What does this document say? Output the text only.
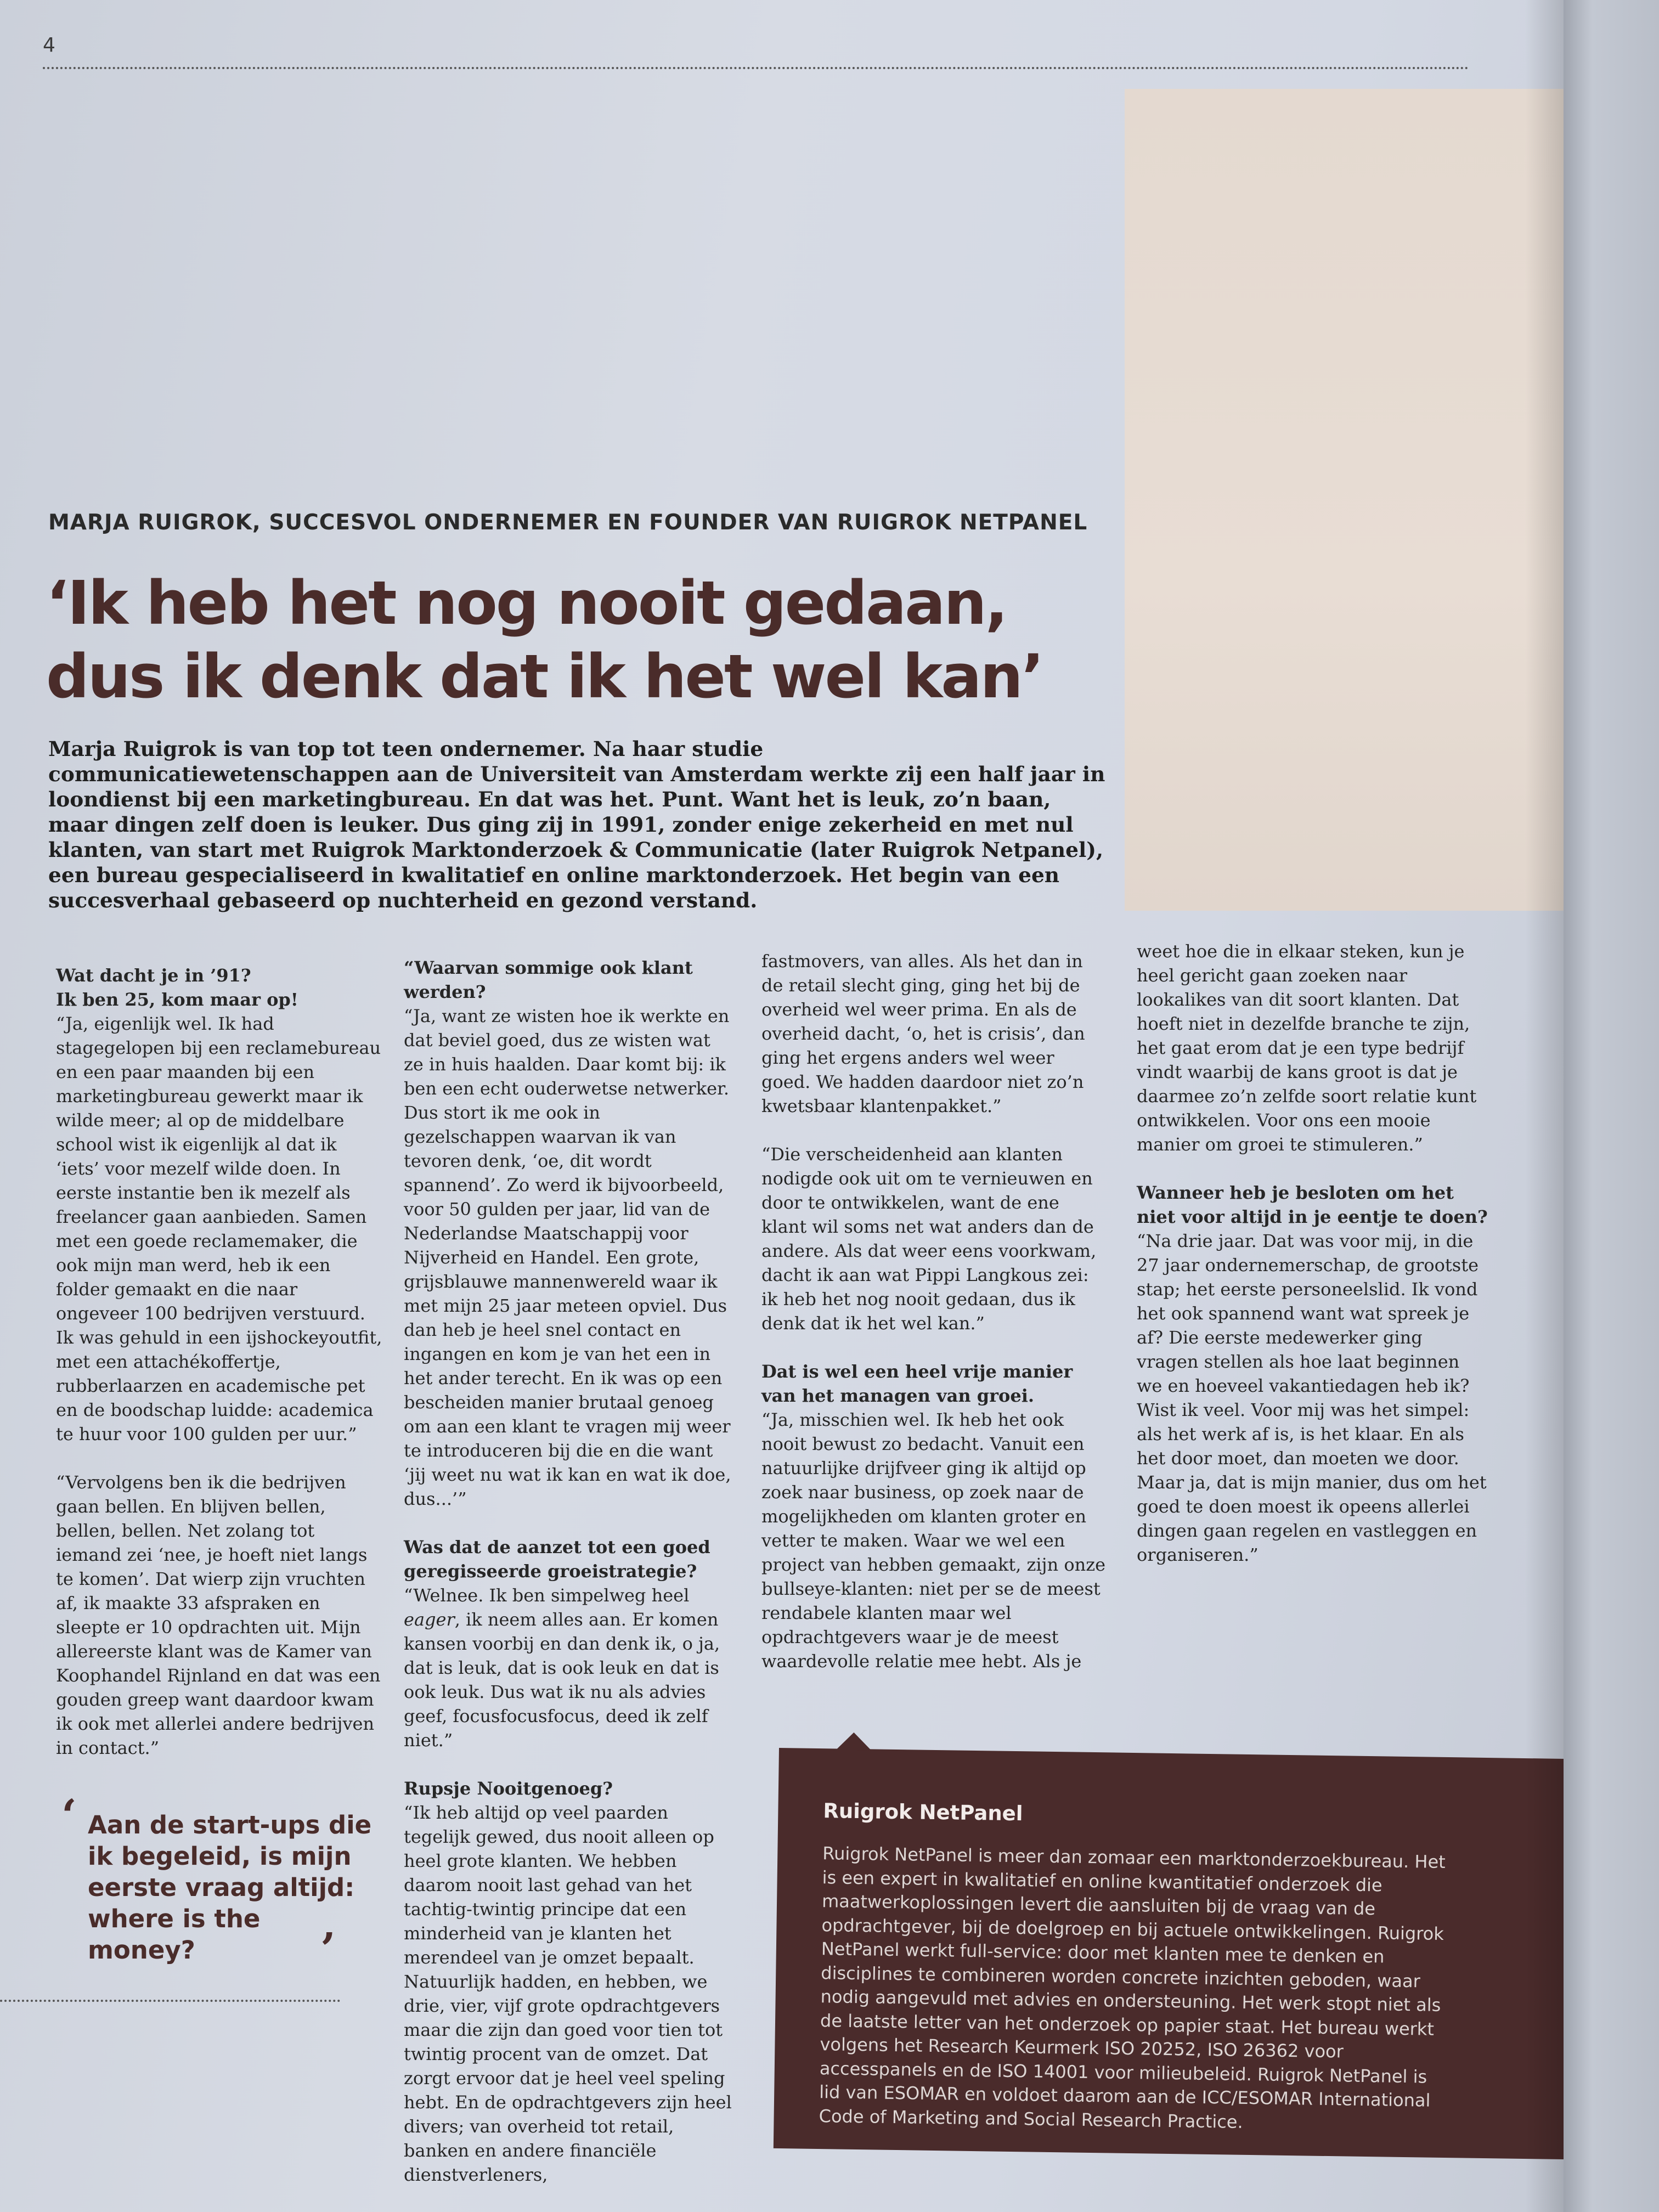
4
MARJA RUIGROK, SUCCESVOL ONDERNEMER EN FOUNDER VAN RUIGROK NETPANEL
‘Ik heb het nog nooit gedaan,
dus ik denk dat ik het wel kan’

Marja Ruigrok is van top tot teen ondernemer. Na haar studie communicatiewetenschappen aan de Universiteit van Amsterdam werkte zij een half jaar in loondienst bij een marketingbureau. En dat was het. Punt. Want het is leuk, zo’n baan, maar dingen zelf doen is leuker. Dus ging zij in 1991, zonder enige zekerheid en met nul klanten, van start met Ruigrok Marktonderzoek & Communicatie (later Ruigrok Netpanel), een bureau gespecialiseerd in kwalitatief en online marktonderzoek. Het begin van een succesverhaal gebaseerd op nuchterheid en gezond verstand.

Wat dacht je in ’91?
Ik ben 25, kom maar op!

“Ja, eigenlijk wel. Ik had stagegelopen bij een reclamebureau en een paar maanden bij een marketingbureau gewerkt maar ik wilde meer; al op de middelbare school wist ik eigenlijk al dat ik ‘iets’ voor mezelf wilde doen. In eerste instantie ben ik mezelf als freelancer gaan aanbieden. Samen met een goede reclamemaker, die ook mijn man werd, heb ik een folder gemaakt en die naar ongeveer 100 bedrijven verstuurd. Ik was gehuld in een ijshockeyoutfit, met een attachékoffertje, rubberlaarzen en academische pet en de boodschap luidde: academica te huur voor 100 gulden per uur.”

“Vervolgens ben ik die bedrijven gaan bellen. En blijven bellen, bellen, bellen. Net zolang tot iemand zei ‘nee, je hoeft niet langs te komen’. Dat wierp zijn vruchten af, ik maakte 33 afspraken en sleepte er 10 opdrachten uit. Mijn allereerste klant was de Kamer van Koophandel Rijnland en dat was een gouden greep want daardoor kwam ik ook met allerlei andere bedrijven in contact.”

“Waarvan sommige ook klant werden?

“Ja, want ze wisten hoe ik werkte en dat beviel goed, dus ze wisten wat ze in huis haalden. Daar komt bij: ik ben een echt ouderwetse netwerker. Dus stort ik me ook in gezelschappen waarvan ik van tevoren denk, ‘oe, dit wordt spannend’. Zo werd ik bijvoorbeeld, voor 50 gulden per jaar, lid van de Nederlandse Maatschappij voor Nijverheid en Handel. Een grote, grijsblauwe mannenwereld waar ik met mijn 25 jaar meteen opviel. Dus dan heb je heel snel contact en ingangen en kom je van het een in het ander terecht. En ik was op een bescheiden manier brutaal genoeg om aan een klant te vragen mij weer te introduceren bij die en die want ‘jij weet nu wat ik kan en wat ik doe, dus...’”

Was dat de aanzet tot een goed geregisseerde groeistrategie?

“Welnee. Ik ben simpelweg heel eager, ik neem alles aan. Er komen kansen voorbij en dan denk ik, o ja, dat is leuk, dat is ook leuk en dat is ook leuk. Dus wat ik nu als advies geef, focusfocusfocus, deed ik zelf niet.”

Rupsje Nooitgenoeg?

“Ik heb altijd op veel paarden tegelijk gewed, dus nooit alleen op heel grote klanten. We hebben daarom nooit last gehad van het tachtig-twintig principe dat een minderheid van je klanten het merendeel van je omzet bepaalt. Natuurlijk hadden, en hebben, we drie, vier, vijf grote opdrachtgevers maar die zijn dan goed voor tien tot twintig procent van de omzet. Dat zorgt ervoor dat je heel veel speling hebt. En de opdrachtgevers zijn heel divers; van overheid tot retail, banken en andere financiële dienstverleners,

fastmovers, van alles. Als het dan in de retail slecht ging, ging het bij de overheid wel weer prima. En als de overheid dacht, ‘o, het is crisis’, dan ging het ergens anders wel weer goed. We hadden daardoor niet zo’n kwetsbaar klantenpakket.”

“Die verscheidenheid aan klanten nodigde ook uit om te vernieuwen en door te ontwikkelen, want de ene klant wil soms net wat anders dan de andere. Als dat weer eens voorkwam, dacht ik aan wat Pippi Langkous zei: ik heb het nog nooit gedaan, dus ik denk dat ik het wel kan.”

Dat is wel een heel vrije manier van het managen van groei.

“Ja, misschien wel. Ik heb het ook nooit bewust zo bedacht. Vanuit een natuurlijke drijfveer ging ik altijd op zoek naar business, op zoek naar de mogelijkheden om klanten groter en vetter te maken. Waar we wel een project van hebben gemaakt, zijn onze bullseye-klanten: niet per se de meest rendabele klanten maar wel opdrachtgevers waar je de meest waardevolle relatie mee hebt. Als je

weet hoe die in elkaar steken, kun je heel gericht gaan zoeken naar lookalikes van dit soort klanten. Dat hoeft niet in dezelfde branche te zijn, het gaat erom dat je een type bedrijf vindt waarbij de kans groot is dat je daarmee zo’n zelfde soort relatie kunt ontwikkelen. Voor ons een mooie manier om groei te stimuleren.”

Wanneer heb je besloten om het niet voor altijd in je eentje te doen?

“Na drie jaar. Dat was voor mij, in die 27 jaar ondernemerschap, de grootste stap; het eerste personeelslid. Ik vond het ook spannend want wat spreek je af? Die eerste medewerker ging vragen stellen als hoe laat beginnen we en hoeveel vakantiedagen heb ik? Wist ik veel. Voor mij was het simpel: als het werk af is, is het klaar. En als het door moet, dan moeten we door. Maar ja, dat is mijn manier, dus om het goed te doen moest ik opeens allerlei dingen gaan regelen en vastleggen en organiseren.”

‘ Aan de start-ups die ik begeleid, is mijn eerste vraag altijd: where is the money?	’
Ruigrok NetPanel

Ruigrok NetPanel is meer dan zomaar een marktonderzoekbureau. Het is een expert in kwalitatief en online kwantitatief onderzoek die maatwerkoplossingen levert die aansluiten bij de vraag van de opdrachtgever, bij de doelgroep en bij actuele ontwikkelingen. Ruigrok NetPanel werkt full-service: door met klanten mee te denken en disciplines te combineren worden concrete inzichten geboden, waar nodig aangevuld met advies en ondersteuning. Het werk stopt niet als de laatste letter van het onderzoek op papier staat. Het bureau werkt volgens het Research Keurmerk ISO 20252, ISO 26362 voor accesspanels en de ISO 14001 voor milieubeleid. Ruigrok NetPanel is lid van ESOMAR en voldoet daarom aan de ICC/ESOMAR International Code of Marketing and Social Research Practice.
